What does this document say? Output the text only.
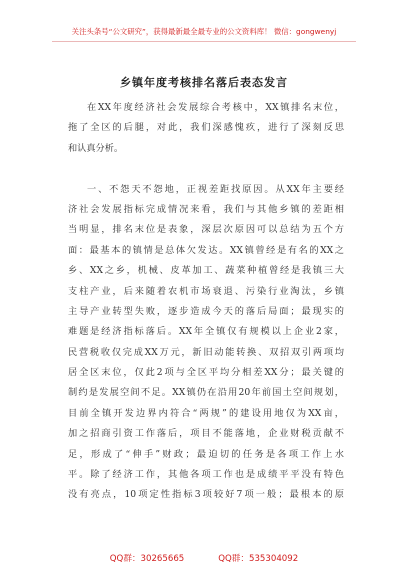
关注头条号“公文研究”，获得最新最全最专业的公文资料库！ 微信：gongwenyj
乡镇年度考核排名落后表态发言
在XX年度经济社会发展综合考核中，XX镇排名末位，
拖了全区的后腿，对此，我们深感愧疚，进行了深刻反思
和认真分析。
一、不怨天不怨地，正视差距找原因。从XX年主要经
济社会发展指标完成情况来看，我们与其他乡镇的差距相
当明显，排名末位是表象，深层次原因可以总结为五个方
面：最基本的镇情是总体欠发达。XX镇曾经是有名的XX之
乡、XX之乡，机械、皮革加工、蔬菜种植曾经是我镇三大
支柱产业，后来随着农机市场衰退、污染行业淘汰，乡镇
主导产业转型失败，逐步造成今天的落后局面；最现实的
难题是经济指标落后。XX年全镇仅有规模以上企业2家，
民营税收仅完成XX万元，新旧动能转换、双招双引两项均
居全区末位，仅此2项与全区平均分相差XX分；最关键的
制约是发展空间不足。XX镇仍在沿用20年前国土空间规划，
目前全镇开发边界内符合“两规”的建设用地仅为XX亩，
加之招商引资工作落后，项目不能落地，企业财税贡献不
足，形成了“伸手”财政；最迫切的任务是各项工作上水
平。除了经济工作，其他各项工作也是成绩平平没有特色
没有亮点，10项定性指标3项较好7项一般；最根本的原
QQ群：30265665	QQ群：535304092
